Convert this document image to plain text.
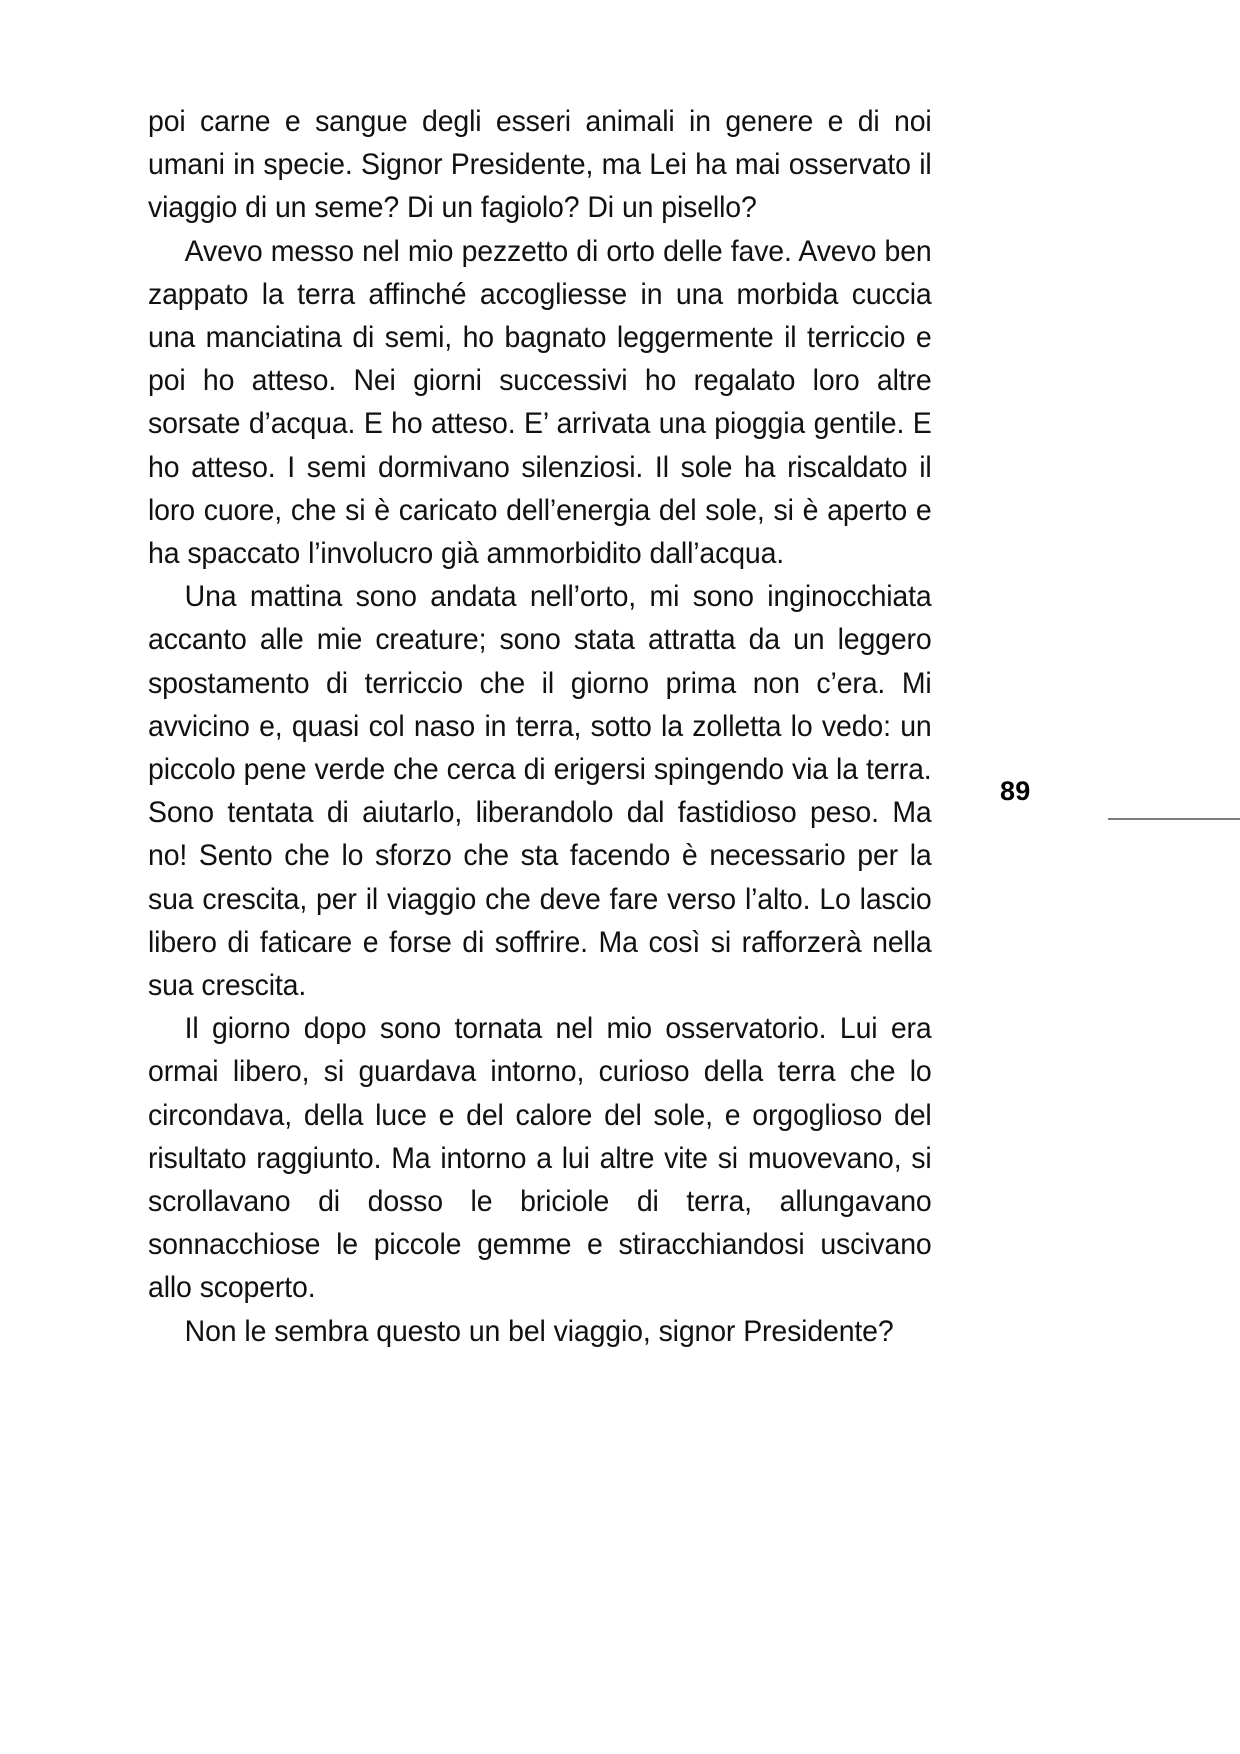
poi carne e sangue degli esseri animali in genere e di noi umani in specie. Signor Presidente, ma Lei ha mai osservato il viaggio di un seme? Di un fagiolo? Di un pisello?

Avevo messo nel mio pezzetto di orto delle fave. Avevo ben zappato la terra affinché accogliesse in una morbida cuccia una manciatina di semi, ho bagnato leggermente il terriccio e poi ho atteso. Nei giorni successivi ho regalato loro altre sorsate d’acqua. E ho atteso. E’ arrivata una pioggia gentile. E ho atteso. I semi dormivano silenziosi. Il sole ha riscaldato il loro cuore, che si è caricato dell’energia del sole, si è aperto e ha spaccato l’involucro già ammorbidito dall’acqua.

Una mattina sono andata nell’orto, mi sono inginocchiata accanto alle mie creature; sono stata attratta da un leggero spostamento di terriccio che il giorno prima non c’era. Mi avvicino e, quasi col naso in terra, sotto la zolletta lo vedo: un piccolo pene verde che cerca di erigersi spingendo via la terra. Sono tentata di aiutarlo, liberandolo dal fastidioso peso. Ma no! Sento che lo sforzo che sta facendo è necessario per la sua crescita, per il viaggio che deve fare verso l’alto. Lo lascio libero di faticare e forse di soffrire. Ma così si rafforzerà nella sua crescita.

Il giorno dopo sono tornata nel mio osservatorio. Lui era ormai libero, si guardava intorno, curioso della terra che lo circondava, della luce e del calore del sole, e orgoglioso del risultato raggiunto. Ma intorno a lui altre vite si muovevano, si scrollavano di dosso le briciole di terra, allungavano sonnacchiose le piccole gemme e stiracchiandosi uscivano allo scoperto.

Non le sembra questo un bel viaggio, signor Presidente?

89
